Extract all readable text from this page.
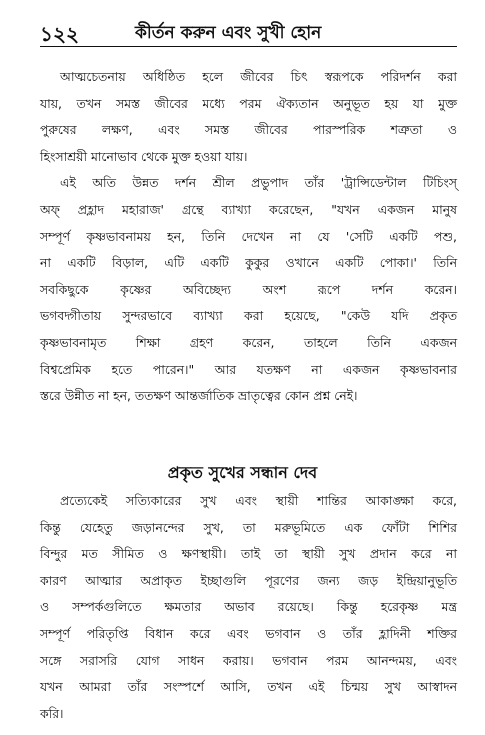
১২২	কীর্তন করুন এবং সুখী হোন

আত্মচেতনায় অধিষ্ঠিত হলে জীবের চিৎ স্বরূপকে পরিদর্শন করা
যায়, তখন সমস্ত জীবের মধ্যে পরম ঐক্যতান অনুভূত হয় যা মুক্ত
পুরুষের লক্ষণ, এবং সমস্ত জীবের পারস্পরিক শত্রুতা ও
হিংসাশ্রয়ী মানোভাব থেকে মুক্ত হওয়া যায়।

এই অতি উন্নত দর্শন শ্রীল প্রভুপাদ তাঁর 'ট্রান্সিডেন্টাল টিচিংস্
অফ্ প্রহ্লাদ মহারাজ' গ্রন্থে ব্যাখ্যা করেছেন, "যখন একজন মানুষ
সম্পূর্ণ কৃষ্ণভাবনাময় হন, তিনি দেখেন না যে 'সেটি একটি পশু,
না একটি বিড়াল, এটি একটি কুকুর ওখানে একটি পোকা।' তিনি
সবকিছুকে কৃষ্ণের অবিচ্ছেদ্য অংশ রূপে দর্শন করেন।
ভগবদ্গীতায় সুন্দরভাবে ব্যাখ্যা করা হয়েছে, "কেউ যদি প্রকৃত
কৃষ্ণভাবনামৃত শিক্ষা গ্রহণ করেন, তাহলে তিনি একজন
বিশ্বপ্রেমিক হতে পারেন।" আর যতক্ষণ না একজন কৃষ্ণভাবনার
স্তরে উন্নীত না হন, ততক্ষণ আন্তর্জাতিক ভ্রাতৃত্বের কোন প্রশ্ন নেই।

প্রকৃত সুখের সন্ধান দেব

প্রত্যেকেই সত্যিকারের সুখ এবং স্থায়ী শান্তির আকাঙ্ক্ষা করে,
কিন্তু যেহেতু জড়ানন্দের সুখ, তা মরুভূমিতে এক ফোঁটা শিশির
বিন্দুর মত সীমিত ও ক্ষণস্থায়ী। তাই তা স্থায়ী সুখ প্রদান করে না
কারণ আত্মার অপ্রাকৃত ইচ্ছাগুলি পূরণের জন্য জড় ইন্দ্রিয়ানুভূতি
ও সম্পর্কগুলিতে ক্ষমতার অভাব রয়েছে। কিন্তু হরেকৃষ্ণ মন্ত্র
সম্পূর্ণ পরিতৃপ্তি বিধান করে এবং ভগবান ও তাঁর হ্লাদিনী শক্তির
সঙ্গে সরাসরি যোগ সাধন করায়। ভগবান পরম আনন্দময়, এবং
যখন আমরা তাঁর সংস্পর্শে আসি, তখন এই চিন্ময় সুখ আস্বাদন
করি।
